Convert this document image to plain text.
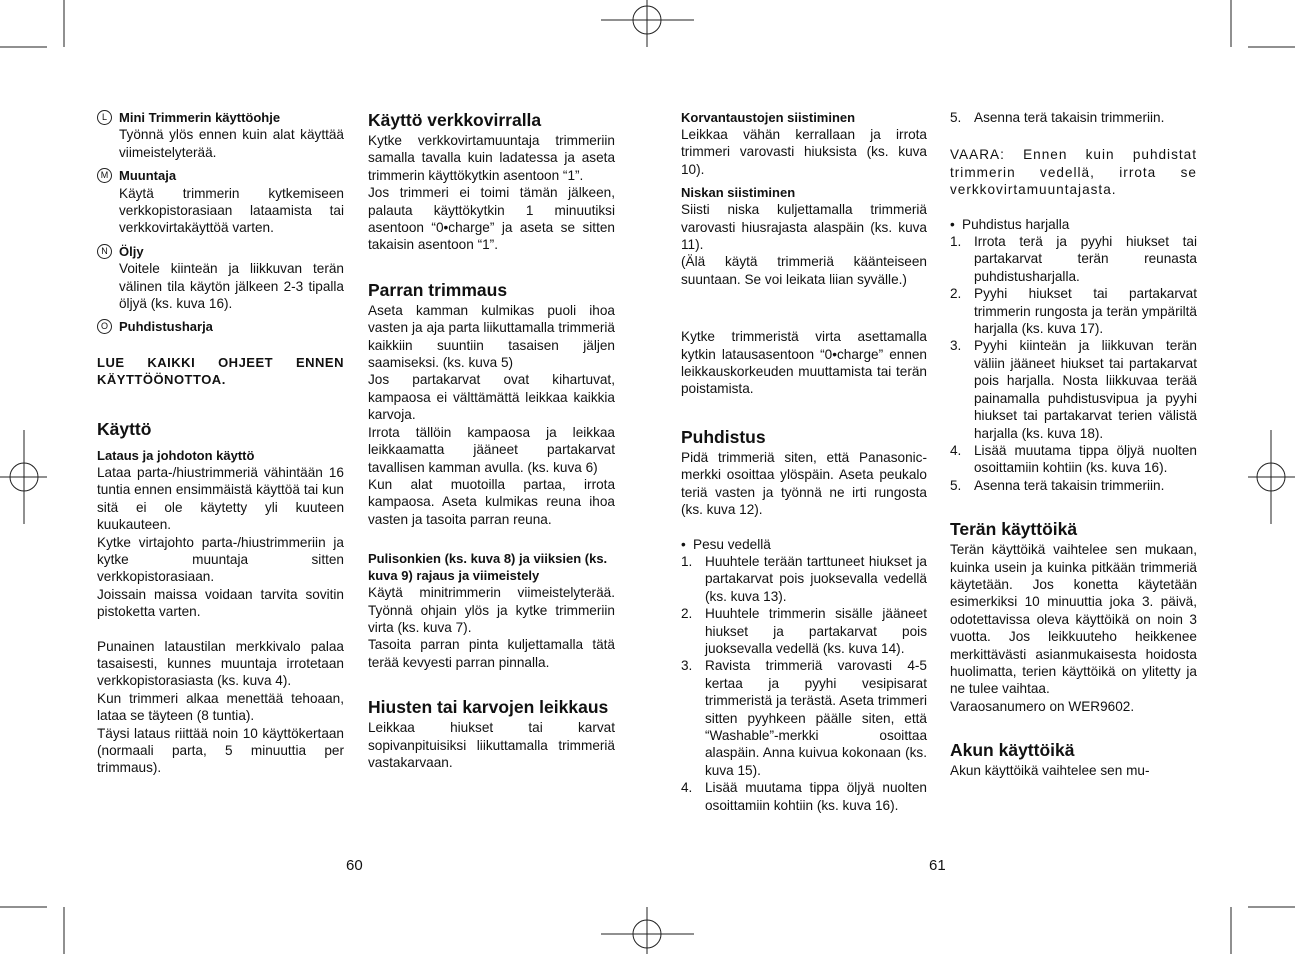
L Mini Trimmerin käyttöohje
Työnnä ylös ennen kuin alat käyttää viimeistelyterää.
M Muuntaja
Käytä trimmerin kytkemiseen verkkopistorasiaan lataamista tai verkkovirtakäyttöä varten.
N Öljy
Voitele kiinteän ja liikkuvan terän välinen tila käytön jälkeen 2-3 tipalla öljyä (ks. kuva 16).
O Puhdistusharja

LUE KAIKKI OHJEET ENNEN KÄYTTÖÖNOTTOA.

Käyttö

Lataus ja johdoton käyttö

Lataa parta-/hiustrimmeriä vähintään 16 tuntia ennen ensimmäistä käyttöä tai kun sitä ei ole käytetty yli kuuteen kuukauteen.

Kytke virtajohto parta-/hiustrimmeriin ja kytke muuntaja sitten verkkopistorasiaan.

Joissain maissa voidaan tarvita sovitin pistoketta varten.

Punainen lataustilan merkkivalo palaa tasaisesti, kunnes muuntaja irrotetaan verkkopistorasiasta (ks. kuva 4).

Kun trimmeri alkaa menettää tehoaan, lataa se täyteen (8 tuntia).

Täysi lataus riittää noin 10 käyttökertaan (normaali parta, 5 minuuttia per trimmaus).

Käyttö verkkovirralla

Kytke verkkovirtamuuntaja trimmeriin samalla tavalla kuin ladatessa ja aseta trimmerin käyttökytkin asentoon “1”.

Jos trimmeri ei toimi tämän jälkeen, palauta käyttökytkin 1 minuutiksi asentoon “0•charge” ja aseta se sitten takaisin asentoon “1”.

Parran trimmaus

Aseta kamman kulmikas puoli ihoa vasten ja aja parta liikuttamalla trimmeriä kaikkiin suuntiin tasaisen jäljen saamiseksi. (ks. kuva 5)

Jos partakarvat ovat kihartuvat, kampaosa ei välttämättä leikkaa kaikkia karvoja.

Irrota tällöin kampaosa ja leikkaa leikkaamatta jääneet partakarvat tavallisen kamman avulla. (ks. kuva 6)

Kun alat muotoilla partaa, irrota kampaosa. Aseta kulmikas reuna ihoa vasten ja tasoita parran reuna.

Pulisonkien (ks. kuva 8) ja viiksien (ks. kuva 9) rajaus ja viimeistely

Käytä minitrimmerin viimeistelyterää. Työnnä ohjain ylös ja kytke trimmeriin virta (ks. kuva 7).

Tasoita parran pinta kuljettamalla tätä terää kevyesti parran pinnalla.

Hiusten tai karvojen leikkaus

Leikkaa hiukset tai karvat sopivanpituisiksi liikuttamalla trimmeriä vastakarvaan.

Korvantaustojen siistiminen

Leikkaa vähän kerrallaan ja irrota trimmeri varovasti hiuksista (ks. kuva 10).

Niskan siistiminen

Siisti niska kuljettamalla trimmeriä varovasti hiusrajasta alaspäin (ks. kuva 11).

(Älä käytä trimmeriä käänteiseen suuntaan. Se voi leikata liian syvälle.)

Kytke trimmeristä virta asettamalla kytkin latausasentoon “0•charge” ennen leikkauskorkeuden muuttamista tai terän poistamista.

Puhdistus

Pidä trimmeriä siten, että Panasonic-merkki osoittaa ylöspäin. Aseta peukalo teriä vasten ja työnnä ne irti rungosta (ks. kuva 12).

• Pesu vedellä
1. Huuhtele terään tarttuneet hiukset ja partakarvat pois juoksevalla vedellä (ks. kuva 13).
2. Huuhtele trimmerin sisälle jääneet hiukset ja partakarvat pois juoksevalla vedellä (ks. kuva 14).
3. Ravista trimmeriä varovasti 4-5 kertaa ja pyyhi vesipisarat trimmeristä ja terästä. Aseta trimmeri sitten pyyhkeen päälle siten, että “Washable”-merkki osoittaa alaspäin. Anna kuivua kokonaan (ks. kuva 15).
4. Lisää muutama tippa öljyä nuolten osoittamiin kohtiin (ks. kuva 16).
5. Asenna terä takaisin trimmeriin.

VAARA: Ennen kuin puhdistat trimmerin vedellä, irrota se verkkovirtamuuntajasta.

• Puhdistus harjalla
1. Irrota terä ja pyyhi hiukset tai partakarvat terän reunasta puhdistusharjalla.
2. Pyyhi hiukset tai partakarvat trimmerin rungosta ja terän ympäriltä harjalla (ks. kuva 17).
3. Pyyhi kiinteän ja liikkuvan terän väliin jääneet hiukset tai partakarvat pois harjalla. Nosta liikkuvaa terää painamalla puhdistusvipua ja pyyhi hiukset tai partakarvat terien välistä harjalla (ks. kuva 18).
4. Lisää muutama tippa öljyä nuolten osoittamiin kohtiin (ks. kuva 16).
5. Asenna terä takaisin trimmeriin.

Terän käyttöikä

Terän käyttöikä vaihtelee sen mukaan, kuinka usein ja kuinka pitkään trimmeriä käytetään. Jos konetta käytetään esimerkiksi 10 minuuttia joka 3. päivä, odotettavissa oleva käyttöikä on noin 3 vuotta. Jos leikkuuteho heikkenee merkittävästi asianmukaisesta hoidosta huolimatta, terien käyttöikä on ylitetty ja ne tulee vaihtaa.

Varaosanumero on WER9602.

Akun käyttöikä

Akun käyttöikä vaihtelee sen mu-

60	61
